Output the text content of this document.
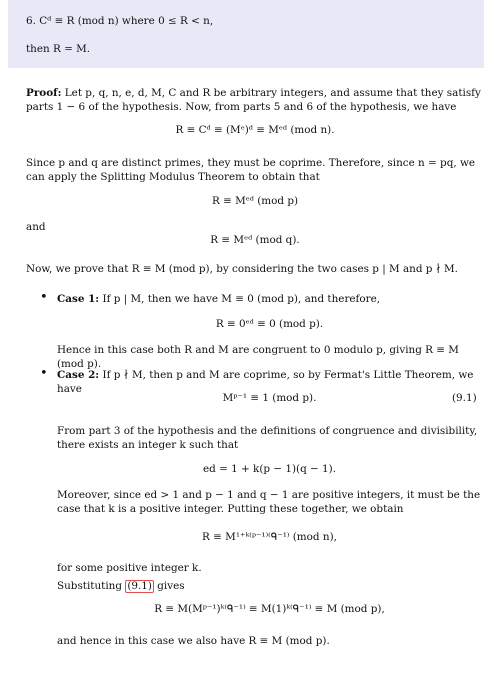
6. Cᵈ ≡ R (mod n) where 0 ≤ R < n,
then R = M.
Proof: Let p, q, n, e, d, M, C and R be arbitrary integers, and assume that they satisfy parts 1 − 6 of the hypothesis. Now, from parts 5 and 6 of the hypothesis, we have
R ≡ Cᵈ ≡ (Mᵉ)ᵈ ≡ Mᵉᵈ (mod n).
Since p and q are distinct primes, they must be coprime. Therefore, since n = pq, we can apply the Splitting Modulus Theorem to obtain that
R ≡ Mᵉᵈ (mod p)
and
R ≡ Mᵉᵈ (mod q).
Now, we prove that R ≡ M (mod p), by considering the two cases p | M and p ∤ M.
• Case 1: If p | M, then we have M ≡ 0 (mod p), and therefore,
R ≡ 0ᵉᵈ ≡ 0 (mod p).
Hence in this case both R and M are congruent to 0 modulo p, giving R ≡ M (mod p).
• Case 2: If p ∤ M, then p and M are coprime, so by Fermat's Little Theorem, we have
Mᵖ⁻¹ ≡ 1 (mod p).	(9.1)
From part 3 of the hypothesis and the definitions of congruence and divisibility, there exists an integer k such that
ed = 1 + k(p − 1)(q − 1).
Moreover, since ed > 1 and p − 1 and q − 1 are positive integers, it must be the case that k is a positive integer. Putting these together, we obtain
R ≡ M¹⁺ᵏ⁽ᵖ⁻¹⁾⁽ᑫ⁻¹⁾ (mod n),
for some positive integer k.
Substituting (9.1) gives
R ≡ M(Mᵖ⁻¹)ᵏ⁽ᑫ⁻¹⁾ ≡ M(1)ᵏ⁽ᑫ⁻¹⁾ ≡ M (mod p),
and hence in this case we also have R ≡ M (mod p).
